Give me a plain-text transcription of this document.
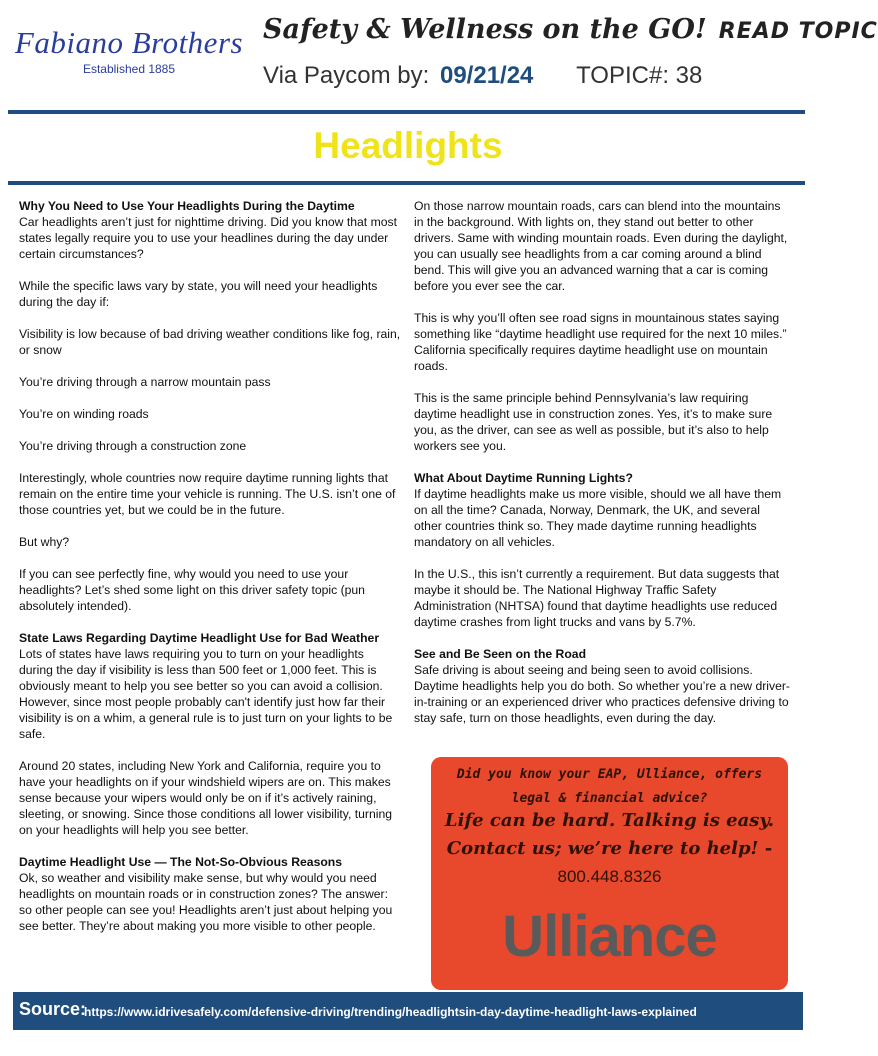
Fabiano Brothers
Established 1885
Safety & Wellness on the GO! READ TOPIC
Via Paycom by: 09/21/24 TOPIC#: 38
Headlights
Why You Need to Use Your Headlights During the Daytime

Car headlights aren’t just for nighttime driving. Did you know that most states legally require you to use your headlines during the day under certain circumstances?

While the specific laws vary by state, you will need your headlights during the day if:

Visibility is low because of bad driving weather conditions like fog, rain, or snow

You’re driving through a narrow mountain pass

You’re on winding roads

You’re driving through a construction zone

Interestingly, whole countries now require daytime running lights that remain on the entire time your vehicle is running. The U.S. isn’t one of those countries yet, but we could be in the future.

But why?

If you can see perfectly fine, why would you need to use your headlights? Let’s shed some light on this driver safety topic (pun absolutely intended).

State Laws Regarding Daytime Headlight Use for Bad Weather

Lots of states have laws requiring you to turn on your headlights during the day if visibility is less than 500 feet or 1,000 feet. This is obviously meant to help you see better so you can avoid a collision. However, since most people probably can't identify just how far their visibility is on a whim, a general rule is to just turn on your lights to be safe.

Around 20 states, including New York and California, require you to have your headlights on if your windshield wipers are on. This makes sense because your wipers would only be on if it’s actively raining, sleeting, or snowing. Since those conditions all lower visibility, turning on your headlights will help you see better.

Daytime Headlight Use — The Not-So-Obvious Reasons

Ok, so weather and visibility make sense, but why would you need headlights on mountain roads or in construction zones? The answer: so other people can see you! Headlights aren’t just about helping you see better. They’re about making you more visible to other people.

On those narrow mountain roads, cars can blend into the mountains in the background. With lights on, they stand out better to other drivers. Same with winding mountain roads. Even during the daylight, you can usually see headlights from a car coming around a blind bend. This will give you an advanced warning that a car is coming before you ever see the car.

This is why you’ll often see road signs in mountainous states saying something like “daytime headlight use required for the next 10 miles.” California specifically requires daytime headlight use on mountain roads.

This is the same principle behind Pennsylvania’s law requiring daytime headlight use in construction zones. Yes, it’s to make sure you, as the driver, can see as well as possible, but it’s also to help workers see you.

What About Daytime Running Lights?

If daytime headlights make us more visible, should we all have them on all the time? Canada, Norway, Denmark, the UK, and several other countries think so. They made daytime running headlights mandatory on all vehicles.

In the U.S., this isn’t currently a requirement. But data suggests that maybe it should be. The National Highway Traffic Safety Administration (NHTSA) found that daytime headlights use reduced daytime crashes from light trucks and vans by 5.7%.

See and Be Seen on the Road

Safe driving is about seeing and being seen to avoid collisions. Daytime headlights help you do both. So whether you’re a new driver-in-training or an experienced driver who practices defensive driving to stay safe, turn on those headlights, even during the day.

Did you know your EAP, Ulliance, offers legal & financial advice?
Life can be hard. Talking is easy.
Contact us; we’re here to help! -
800.448.8326
Ulliance
Source:
https://www.idrivesafely.com/defensive-driving/trending/headlightsin-day-daytime-headlight-laws-explained
